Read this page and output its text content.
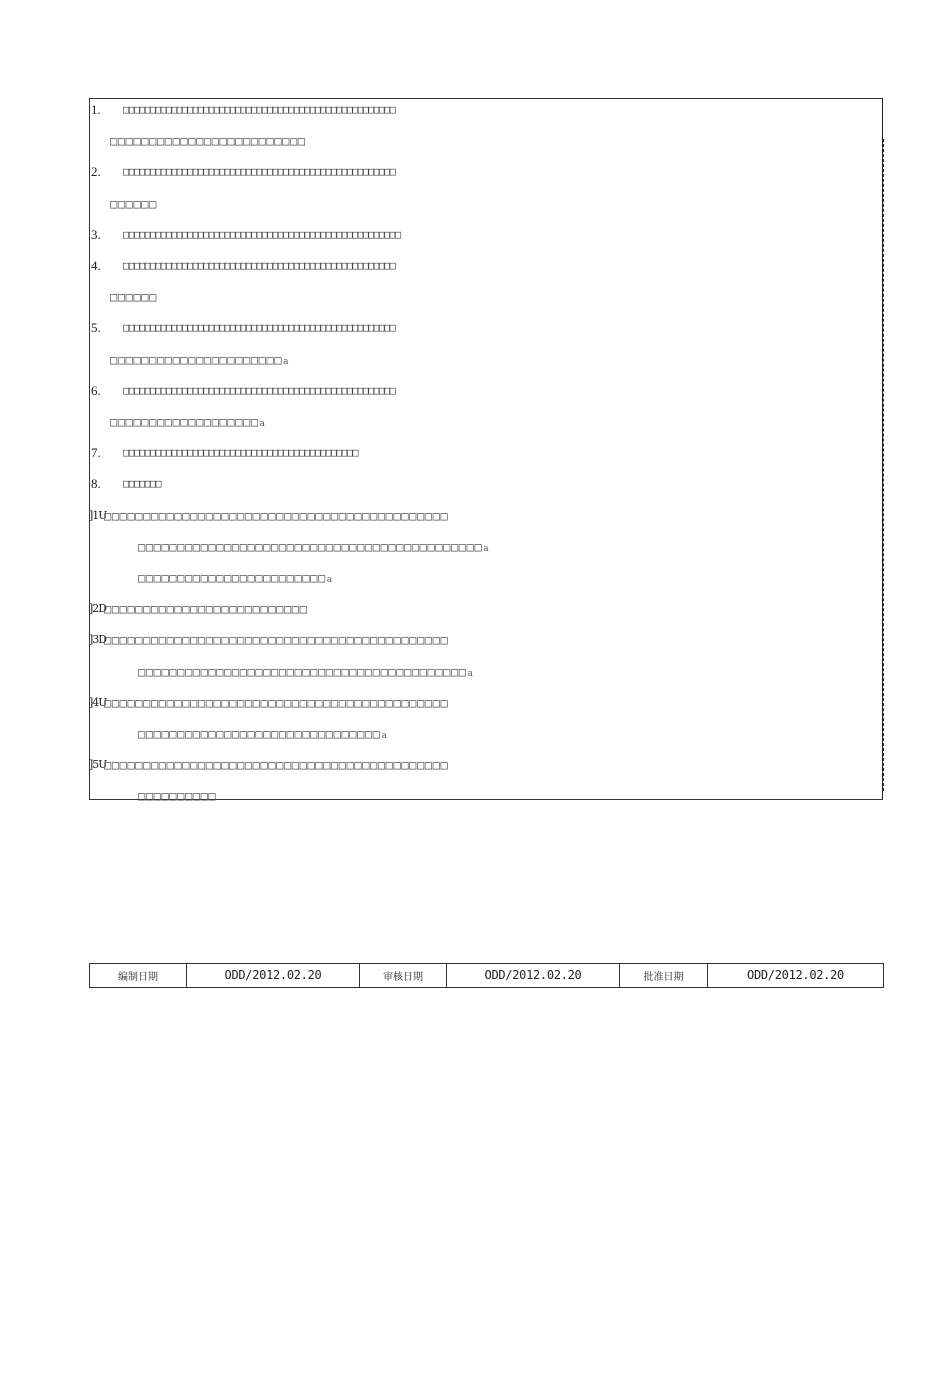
1. □□□□□□□□□□□□□□□□□□□□□□□□□□□□□□□□□□□□□□□□□□□□□□□□□□□
□□□□□□□□□□□□□□□□□□□□□□□□□
2. □□□□□□□□□□□□□□□□□□□□□□□□□□□□□□□□□□□□□□□□□□□□□□□□□□□
□□□□□□
3. □□□□□□□□□□□□□□□□□□□□□□□□□□□□□□□□□□□□□□□□□□□□□□□□□□□□
4. □□□□□□□□□□□□□□□□□□□□□□□□□□□□□□□□□□□□□□□□□□□□□□□□□□□
□□□□□□
5. □□□□□□□□□□□□□□□□□□□□□□□□□□□□□□□□□□□□□□□□□□□□□□□□□□□
□□□□□□□□□□□□□□□□□□□□□□a
6. □□□□□□□□□□□□□□□□□□□□□□□□□□□□□□□□□□□□□□□□□□□□□□□□□□□
□□□□□□□□□□□□□□□□□□□a
7. □□□□□□□□□□□□□□□□□□□□□□□□□□□□□□□□□□□□□□□□□□□□
8. □□□□□□□
]1U
□□□□□□□□□□□□□□□□□□□□□□□□□□□□□□□□□□□□□□□□□□□□
□□□□□□□□□□□□□□□□□□□□□□□□□□□□□□□□□□□□□□□□□□□□a
□□□□□□□□□□□□□□□□□□□□□□□□a
]2D
□□□□□□□□□□□□□□□□□□□□□□□□□□
]3D
□□□□□□□□□□□□□□□□□□□□□□□□□□□□□□□□□□□□□□□□□□□□
□□□□□□□□□□□□□□□□□□□□□□□□□□□□□□□□□□□□□□□□□□a
]4U
□□□□□□□□□□□□□□□□□□□□□□□□□□□□□□□□□□□□□□□□□□□□
□□□□□□□□□□□□□□□□□□□□□□□□□□□□□□□a
]5U
□□□□□□□□□□□□□□□□□□□□□□□□□□□□□□□□□□□□□□□□□□□□
□□□□□□□□□□
编制日期	ODD/2012.02.20	审核日期	ODD/2012.02.20	批准日期	ODD/2012.02.20
